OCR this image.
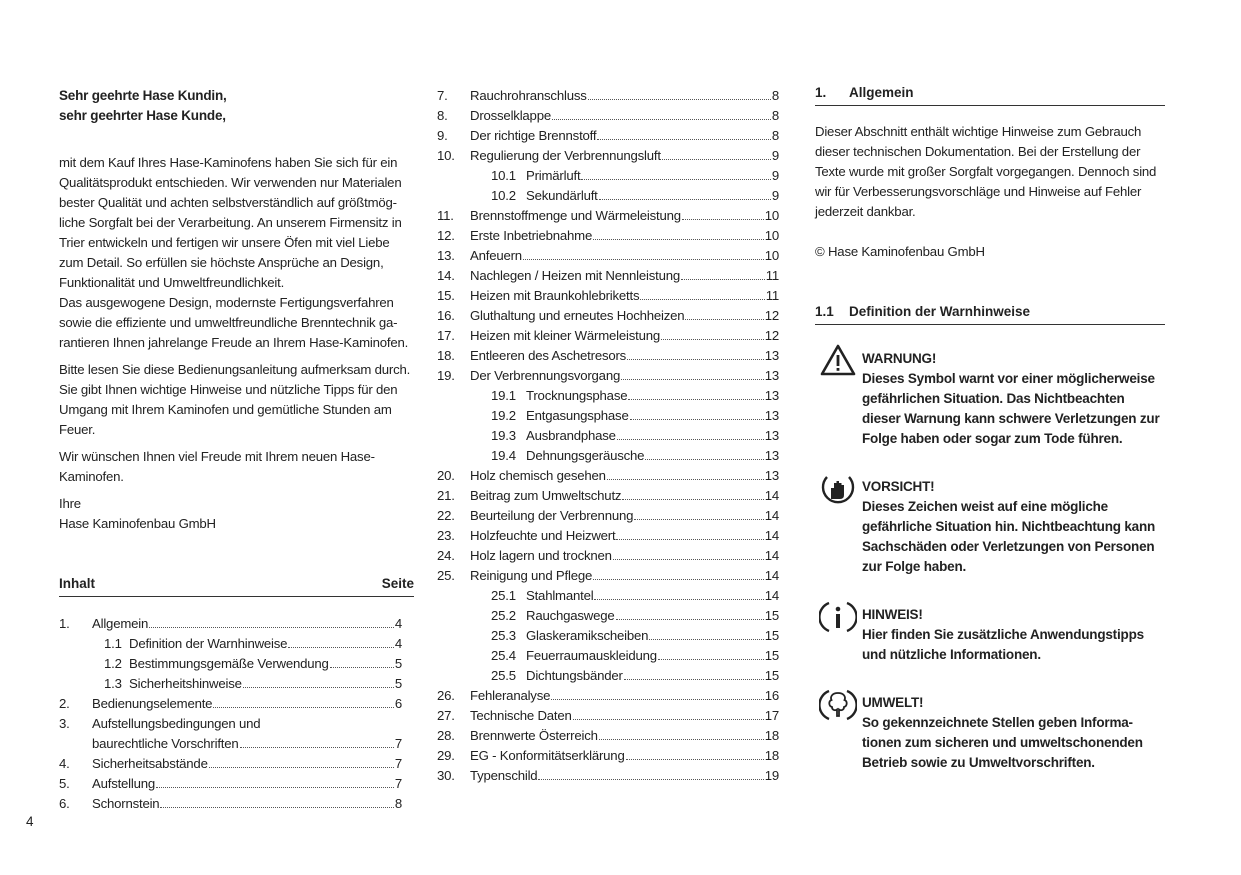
Sehr geehrte Hase Kundin,
sehr geehrter Hase Kunde,
mit dem Kauf Ihres Hase-Kaminofens haben Sie sich für ein
Qualitätsprodukt entschieden. Wir verwenden nur Materialen
bester Qualität und achten selbstverständlich auf größtmög-
liche Sorgfalt bei der Verarbeitung. An unserem Firmensitz in
Trier entwickeln und fertigen wir unsere Öfen mit viel Liebe
zum Detail. So erfüllen sie höchste Ansprüche an Design,
Funktionalität und Umweltfreundlichkeit.
Das ausgewogene Design, modernste Fertigungsverfahren
sowie die effiziente und umweltfreundliche Brenntechnik ga-
rantieren Ihnen jahrelange Freude an Ihrem Hase-Kaminofen.
Bitte lesen Sie diese Bedienungsanleitung aufmerksam durch.
Sie gibt Ihnen wichtige Hinweise und nützliche Tipps für den
Umgang mit Ihrem Kaminofen und gemütliche Stunden am
Feuer.
Wir wünschen Ihnen viel Freude mit Ihrem neuen Hase-
Kaminofen.
Ihre
Hase Kaminofenbau GmbH
Inhalt	Seite
1.	Allgemein	4
1.1 Definition der Warnhinweise	4
1.2 Bestimmungsgemäße Verwendung	5
1.3 Sicherheitshinweise	5
2.	Bedienungselemente	6
3.	Aufstellungsbedingungen und
baurechtliche Vorschriften	7
4.	Sicherheitsabstände	7
5.	Aufstellung	7
6.	Schornstein	8
7.	Rauchrohranschluss	8
8.	Drosselklappe	8
9.	Der richtige Brennstoff	8
10.	Regulierung der Verbrennungsluft	9
10.1 Primärluft	9
10.2 Sekundärluft	9
11.	Brennstoffmenge und Wärmeleistung	10
12.	Erste Inbetriebnahme	10
13.	Anfeuern	10
14.	Nachlegen / Heizen mit Nennleistung	11
15.	Heizen mit Braunkohlebriketts	11
16.	Gluthaltung und erneutes Hochheizen	12
17.	Heizen mit kleiner Wärmeleistung	12
18.	Entleeren des Aschetresors	13
19.	Der Verbrennungsvorgang	13
19.1 Trocknungsphase	13
19.2 Entgasungsphase	13
19.3 Ausbrandphase	13
19.4 Dehnungsgeräusche	13
20.	Holz chemisch gesehen	13
21.	Beitrag zum Umweltschutz	14
22.	Beurteilung der Verbrennung	14
23.	Holzfeuchte und Heizwert	14
24.	Holz lagern und trocknen	14
25.	Reinigung und Pflege	14
25.1 Stahlmantel	14
25.2 Rauchgaswege	15
25.3 Glaskeramikscheiben	15
25.4 Feuerraumauskleidung	15
25.5 Dichtungsbänder	15
26.	Fehleranalyse	16
27.	Technische Daten	17
28.	Brennwerte Österreich	18
29.	EG - Konformitätserklärung	18
30.	Typenschild	19
1. Allgemein
Dieser Abschnitt enthält wichtige Hinweise zum Gebrauch
dieser technischen Dokumentation. Bei der Erstellung der
Texte wurde mit großer Sorgfalt vorgegangen. Dennoch sind
wir für Verbesserungsvorschläge und Hinweise auf Fehler
jederzeit dankbar.
© Hase Kaminofenbau GmbH
1.1 Definition der Warnhinweise
WARNUNG!
Dieses Symbol warnt vor einer möglicherweise
gefährlichen Situation. Das Nichtbeachten
dieser Warnung kann schwere Verletzungen zur
Folge haben oder sogar zum Tode führen.
VORSICHT!
Dieses Zeichen weist auf eine mögliche
gefährliche Situation hin. Nichtbeachtung kann
Sachschäden oder Verletzungen von Personen
zur Folge haben.
HINWEIS!
Hier finden Sie zusätzliche Anwendungstipps
und nützliche Informationen.
UMWELT!
So gekennzeichnete Stellen geben Informa-
tionen zum sicheren und umweltschonenden
Betrieb sowie zu Umweltvorschriften.
4
